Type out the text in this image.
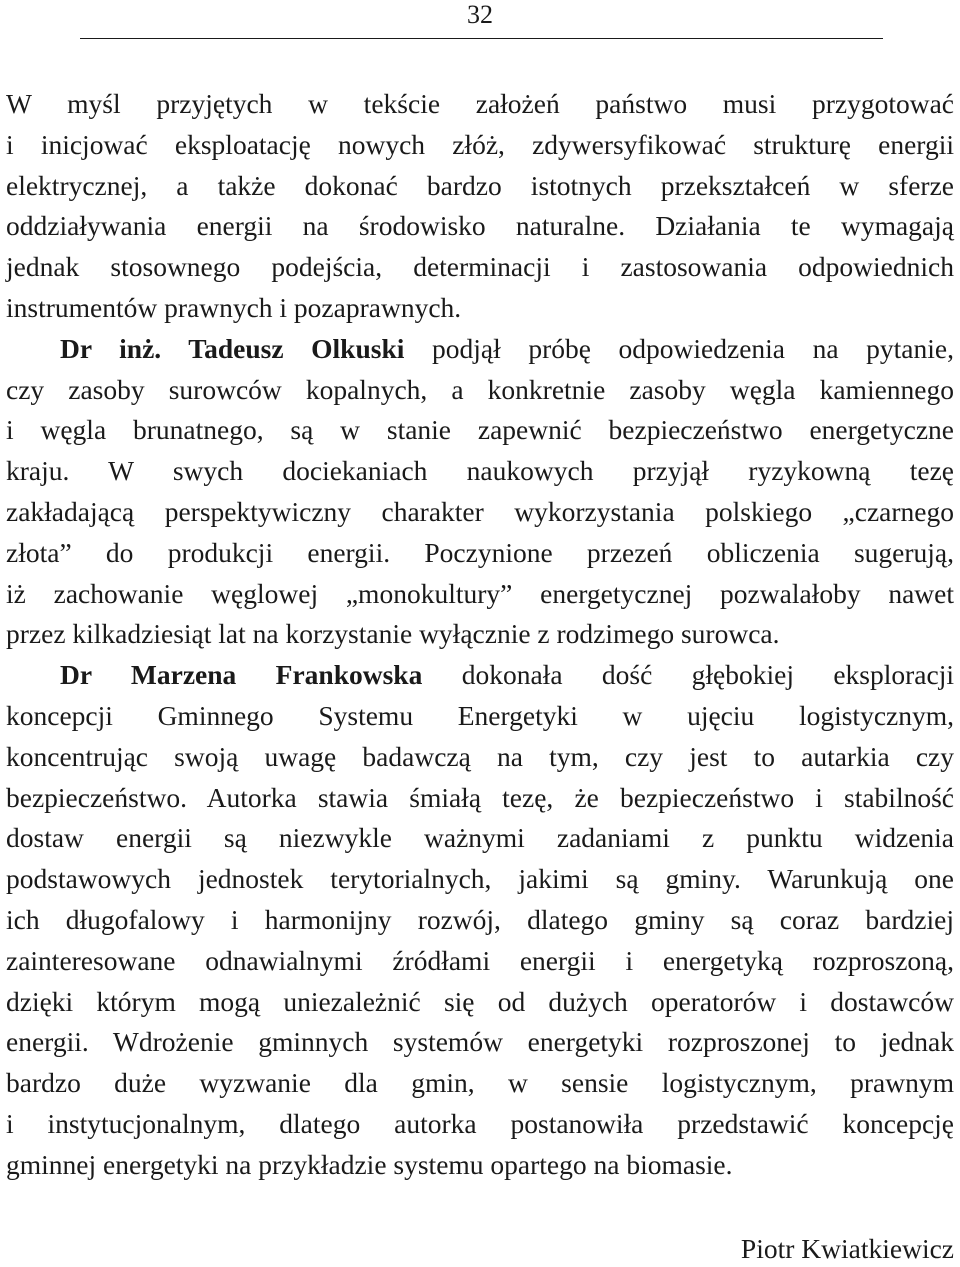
32
W myśl przyjętych w tekście założeń państwo musi przygotować
i inicjować eksploatację nowych złóż, zdywersyfikować strukturę energii
elektrycznej, a także dokonać bardzo istotnych przekształceń w sferze
oddziaływania energii na środowisko naturalne. Działania te wymagają
jednak stosownego podejścia, determinacji i zastosowania odpowiednich
instrumentów prawnych i pozaprawnych.
Dr inż. Tadeusz Olkuski podjął próbę odpowiedzenia na pytanie,
czy zasoby surowców kopalnych, a konkretnie zasoby węgla kamiennego
i węgla brunatnego, są w stanie zapewnić bezpieczeństwo energetyczne
kraju. W swych dociekaniach naukowych przyjął ryzykowną tezę
zakładającą perspektywiczny charakter wykorzystania polskiego „czarnego
złota” do produkcji energii. Poczynione przezeń obliczenia sugerują,
iż zachowanie węglowej „monokultury” energetycznej pozwalałoby nawet
przez kilkadziesiąt lat na korzystanie wyłącznie z rodzimego surowca.
Dr Marzena Frankowska dokonała dość głębokiej eksploracji
koncepcji Gminnego Systemu Energetyki w ujęciu logistycznym,
koncentrując swoją uwagę badawczą na tym, czy jest to autarkia czy
bezpieczeństwo. Autorka stawia śmiałą tezę, że bezpieczeństwo i stabilność
dostaw energii są niezwykle ważnymi zadaniami z punktu widzenia
podstawowych jednostek terytorialnych, jakimi są gminy. Warunkują one
ich długofalowy i harmonijny rozwój, dlatego gminy są coraz bardziej
zainteresowane odnawialnymi źródłami energii i energetyką rozproszoną,
dzięki którym mogą uniezależnić się od dużych operatorów i dostawców
energii. Wdrożenie gminnych systemów energetyki rozproszonej to jednak
bardzo duże wyzwanie dla gmin, w sensie logistycznym, prawnym
i instytucjonalnym, dlatego autorka postanowiła przedstawić koncepcję
gminnej energetyki na przykładzie systemu opartego na biomasie.
Piotr Kwiatkiewicz
